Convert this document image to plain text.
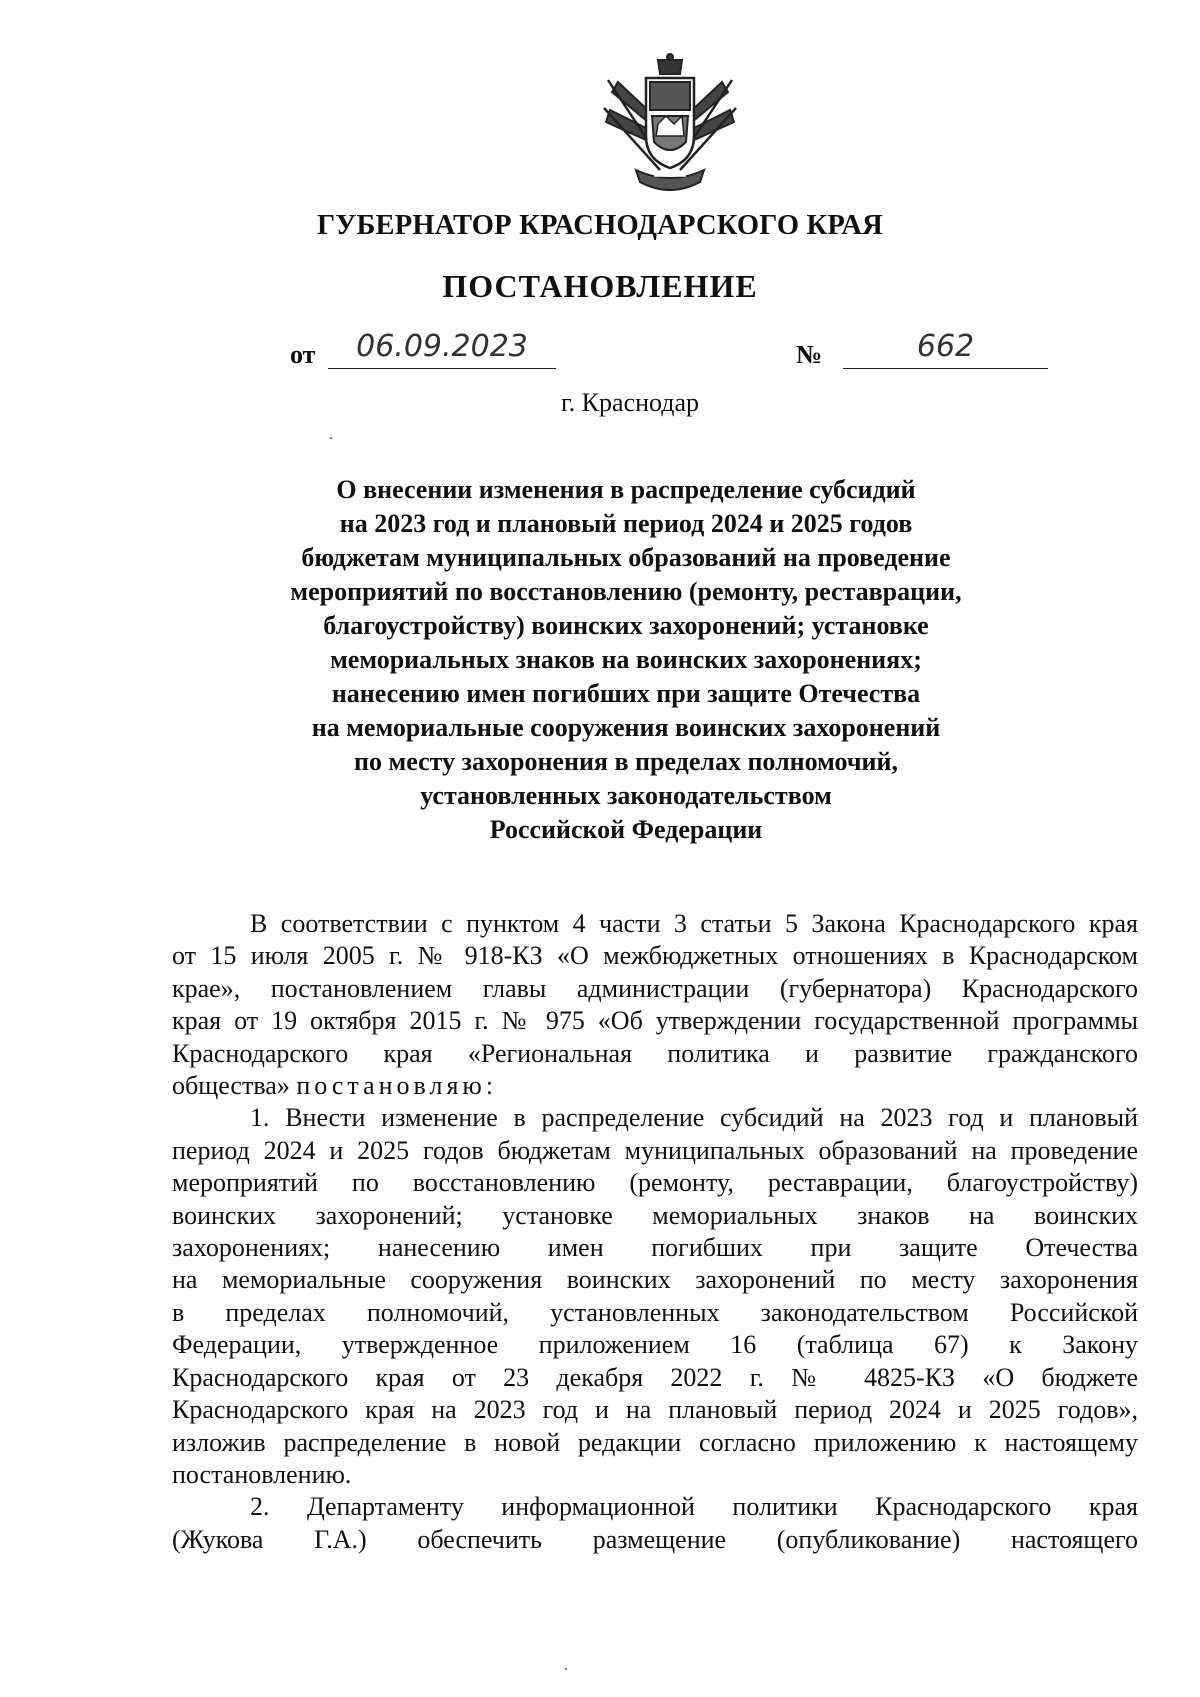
ГУБЕРНАТОР КРАСНОДАРСКОГО КРАЯ
ПОСТАНОВЛЕНИЕ
от	06.09.2023	№	662
г. Краснодар
О внесении изменения в распределение субсидий
на 2023 год и плановый период 2024 и 2025 годов
бюджетам муниципальных образований на проведение
мероприятий по восстановлению (ремонту, реставрации,
благоустройству) воинских захоронений; установке
мемориальных знаков на воинских захоронениях;
нанесению имен погибших при защите Отечества
на мемориальные сооружения воинских захоронений
по месту захоронения в пределах полномочий,
установленных законодательством
Российской Федерации
В соответствии с пунктом 4 части 3 статьи 5 Закона Краснодарского края
от 15 июля 2005 г. № 918-КЗ «О межбюджетных отношениях в Краснодарском
крае», постановлением главы администрации (губернатора) Краснодарского
края от 19 октября 2015 г. № 975 «Об утверждении государственной программы
Краснодарского края «Региональная политика и развитие гражданского
общества» постановляю:
1. Внести изменение в распределение субсидий на 2023 год и плановый
период 2024 и 2025 годов бюджетам муниципальных образований на проведение
мероприятий по восстановлению (ремонту, реставрации, благоустройству)
воинских захоронений; установке мемориальных знаков на воинских
захоронениях; нанесению имен погибших при защите Отечества
на мемориальные сооружения воинских захоронений по месту захоронения
в пределах полномочий, установленных законодательством Российской
Федерации, утвержденное приложением 16 (таблица 67) к Закону
Краснодарского края от 23 декабря 2022 г. № 4825-КЗ «О бюджете
Краснодарского края на 2023 год и на плановый период 2024 и 2025 годов»,
изложив распределение в новой редакции согласно приложению к настоящему
постановлению.
2. Департаменту информационной политики Краснодарского края
(Жукова Г.А.) обеспечить размещение (опубликование) настоящего
